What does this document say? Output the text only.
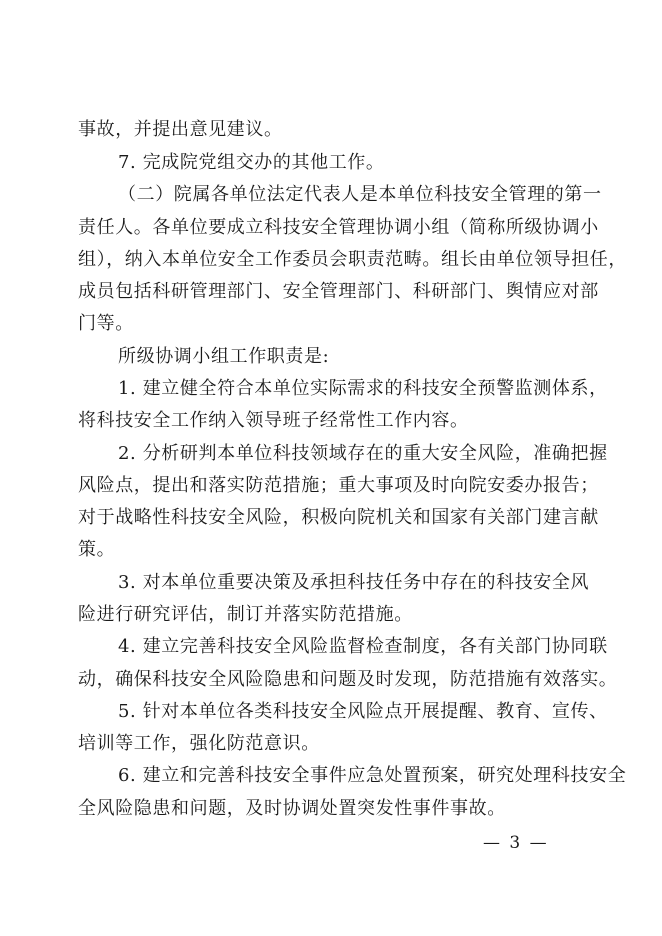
事故，并提出意见建议。
7. 完成院党组交办的其他工作。
（二）院属各单位法定代表人是本单位科技安全管理的第一
责任人。各单位要成立科技安全管理协调小组（简称所级协调小
组），纳入本单位安全工作委员会职责范畴。组长由单位领导担任，
成员包括科研管理部门、安全管理部门、科研部门、舆情应对部
门等。
所级协调小组工作职责是:
1. 建立健全符合本单位实际需求的科技安全预警监测体系，
将科技安全工作纳入领导班子经常性工作内容。
2. 分析研判本单位科技领域存在的重大安全风险，准确把握
风险点，提出和落实防范措施；重大事项及时向院安委办报告；
对于战略性科技安全风险，积极向院机关和国家有关部门建言献
策。
3. 对本单位重要决策及承担科技任务中存在的科技安全风
险进行研究评估，制订并落实防范措施。
4. 建立完善科技安全风险监督检查制度，各有关部门协同联
动，确保科技安全风险隐患和问题及时发现，防范措施有效落实。
5. 针对本单位各类科技安全风险点开展提醒、教育、宣传、
培训等工作，强化防范意识。
6. 建立和完善科技安全事件应急处置预案，研究处理科技安全
全风险隐患和问题，及时协调处置突发性事件事故。
— 3 —
